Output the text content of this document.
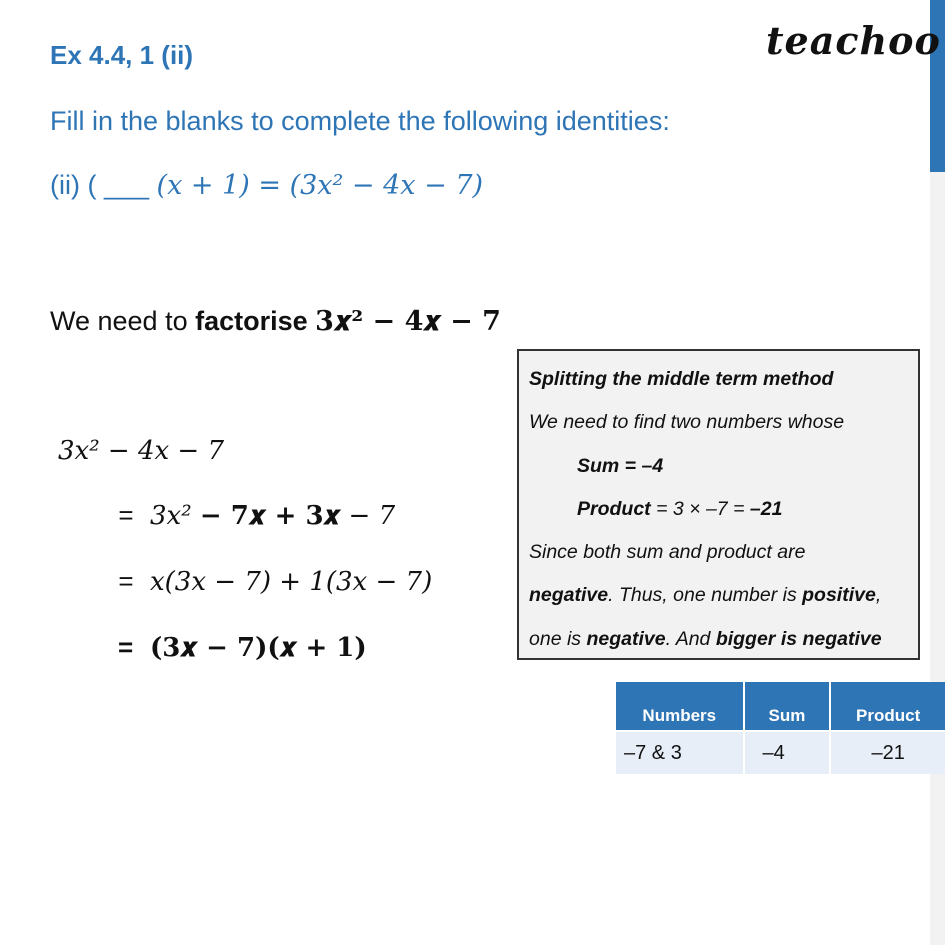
Ex 4.4, 1 (ii)	teachoo
Fill in the blanks to complete the following identities:
(ii) ( ___ (𝑥 + 1) = (3𝑥² − 4𝑥 − 7)
We need to factorise 3𝒙² − 𝟒𝒙 − 𝟕
3𝑥² − 4𝑥 − 7
= 3𝑥² − 𝟕𝒙 + 𝟑𝒙 − 7
= 𝑥(3𝑥 − 7) + 1(3𝑥 − 7)
= (𝟑𝒙 − 𝟕)(𝒙 + 𝟏)
Splitting the middle term method
We need to find two numbers whose
Sum = –4
Product = 3 × –7 = –21
Since both sum and product are
negative. Thus, one number is positive,
one is negative. And bigger is negative
Numbers	Sum	Product
–7 & 3	–4	–21
